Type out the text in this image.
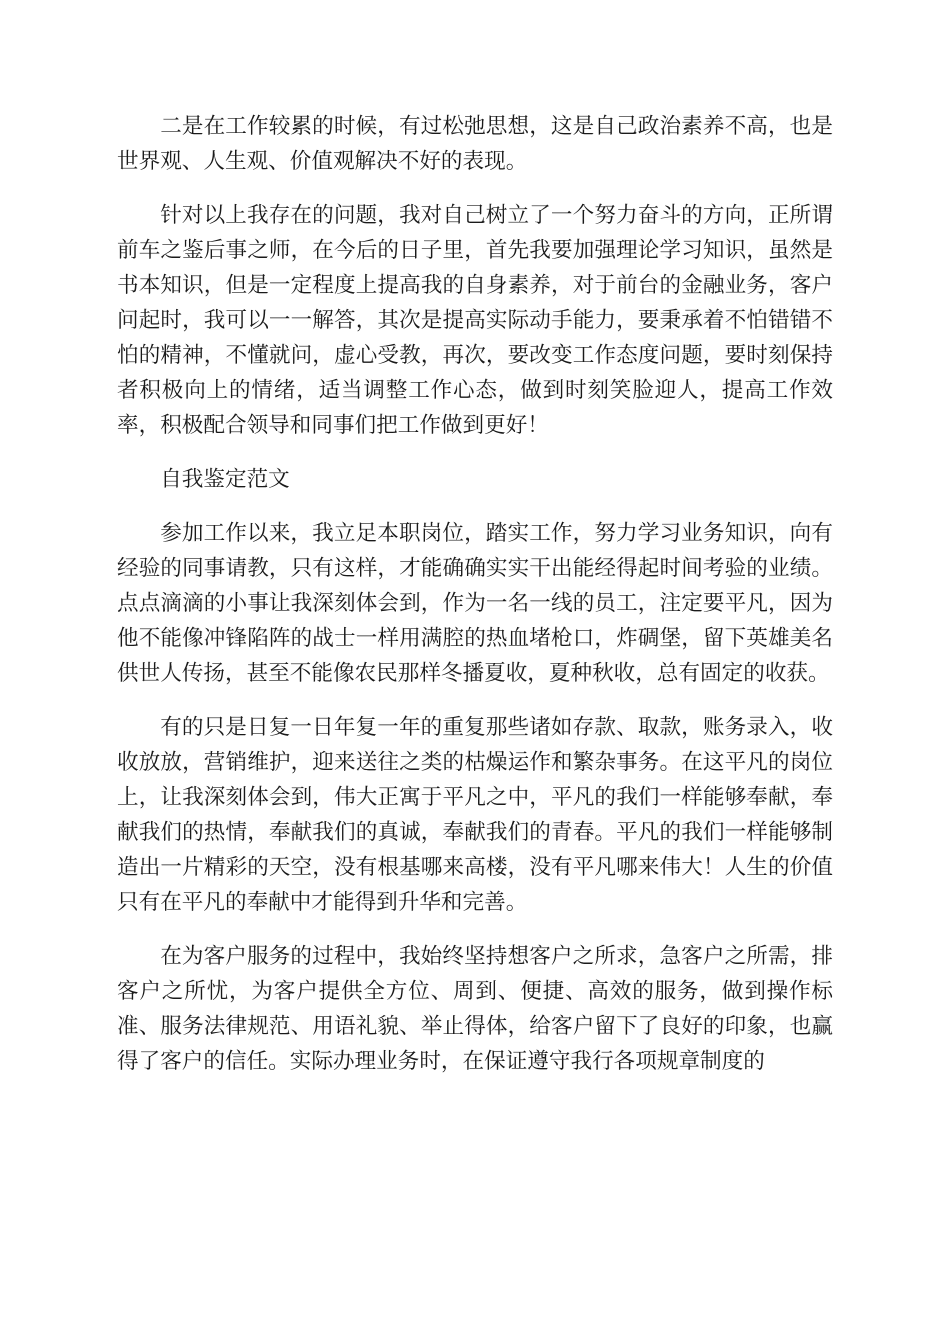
二是在工作较累的时候，有过松弛思想，这是自己政治素养不高，也是世界观、人生观、价值观解决不好的表现。

针对以上我存在的问题，我对自己树立了一个努力奋斗的方向，正所谓前车之鉴后事之师，在今后的日子里，首先我要加强理论学习知识，虽然是书本知识，但是一定程度上提高我的自身素养，对于前台的金融业务，客户问起时，我可以一一解答，其次是提高实际动手能力，要秉承着不怕错错不怕的精神，不懂就问，虚心受教，再次，要改变工作态度问题，要时刻保持者积极向上的情绪，适当调整工作心态，做到时刻笑脸迎人，提高工作效率，积极配合领导和同事们把工作做到更好！

自我鉴定范文

参加工作以来，我立足本职岗位，踏实工作，努力学习业务知识，向有经验的同事请教，只有这样，才能确确实实干出能经得起时间考验的业绩。点点滴滴的小事让我深刻体会到，作为一名一线的员工，注定要平凡，因为他不能像冲锋陷阵的战士一样用满腔的热血堵枪口，炸碉堡，留下英雄美名供世人传扬，甚至不能像农民那样冬播夏收，夏种秋收，总有固定的收获。

有的只是日复一日年复一年的重复那些诸如存款、取款，账务录入，收收放放，营销维护，迎来送往之类的枯燥运作和繁杂事务。在这平凡的岗位上，让我深刻体会到，伟大正寓于平凡之中，平凡的我们一样能够奉献，奉献我们的热情，奉献我们的真诚，奉献我们的青春。平凡的我们一样能够制造出一片精彩的天空，没有根基哪来高楼，没有平凡哪来伟大！人生的价值只有在平凡的奉献中才能得到升华和完善。

在为客户服务的过程中，我始终坚持想客户之所求，急客户之所需，排客户之所忧，为客户提供全方位、周到、便捷、高效的服务，做到操作标准、服务法律规范、用语礼貌、举止得体，给客户留下了良好的印象，也赢得了客户的信任。实际办理业务时，在保证遵守我行各项规章制度的
